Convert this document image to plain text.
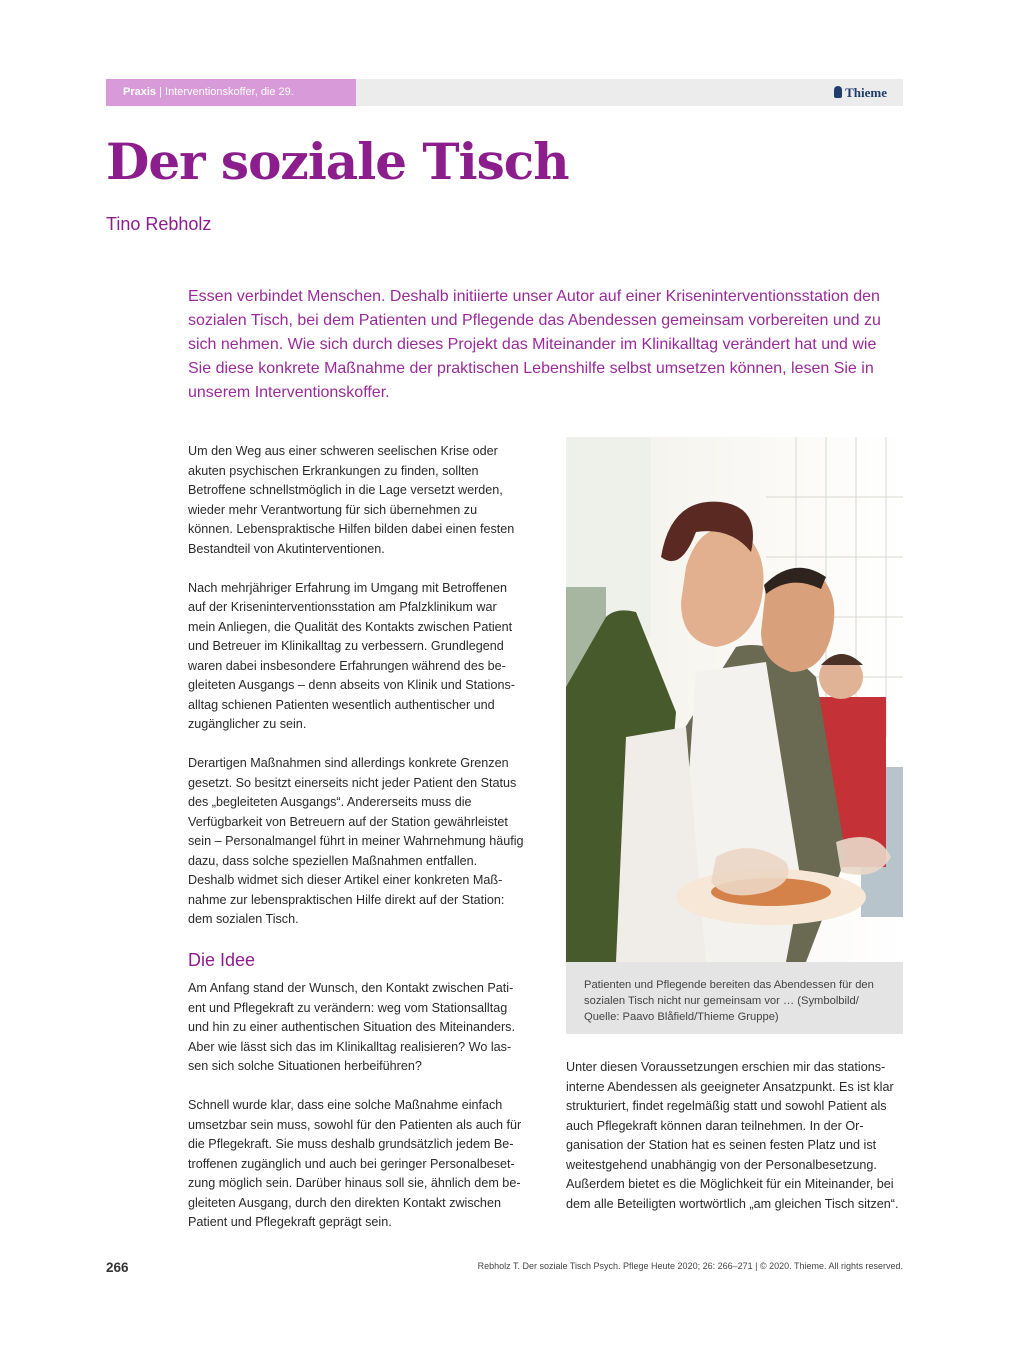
Praxis | Interventionskoffer, die 29.	Thieme
Der soziale Tisch
Tino Rebholz

Essen verbindet Menschen. Deshalb initiierte unser Autor auf einer Kriseninterventionsstation den sozialen Tisch, bei dem Patienten und Pflegende das Abendessen gemeinsam vorbereiten und zu sich nehmen. Wie sich durch dieses Projekt das Miteinander im Klinikalltag verändert hat und wie Sie diese konkrete Maßnahme der praktischen Lebenshilfe selbst umsetzen können, lesen Sie in unserem Interventionskoffer.

Um den Weg aus einer schweren seelischen Krise oder akuten psychischen Erkrankungen zu finden, sollten Betroffene schnellstmöglich in die Lage versetzt werden, wieder mehr Verantwortung für sich übernehmen zu können. Lebenspraktische Hilfen bilden dabei einen festen Bestandteil von Akutinterventionen.

Nach mehrjähriger Erfahrung im Umgang mit Betroffenen auf der Kriseninterventionsstation am Pfalzklinikum war mein Anliegen, die Qualität des Kontakts zwischen Patient und Betreuer im Klinikalltag zu verbessern. Grundlegend waren dabei insbesondere Erfahrungen während des begleiteten Ausgangs – denn abseits von Klinik und Stationsalltag schienen Patienten wesentlich authentischer und zugänglicher zu sein.

Derartigen Maßnahmen sind allerdings konkrete Grenzen gesetzt. So besitzt einerseits nicht jeder Patient den Status des „begleiteten Ausgangs“. Andererseits muss die Verfügbarkeit von Betreuern auf der Station gewährleistet sein – Personalmangel führt in meiner Wahrnehmung häufig dazu, dass solche speziellen Maßnahmen entfallen. Deshalb widmet sich dieser Artikel einer konkreten Maßnahme zur lebenspraktischen Hilfe direkt auf der Station: dem sozialen Tisch.

Die Idee

Am Anfang stand der Wunsch, den Kontakt zwischen Patient und Pflegekraft zu verändern: weg vom Stationsalltag und hin zu einer authentischen Situation des Miteinanders. Aber wie lässt sich das im Klinikalltag realisieren? Wo lassen sich solche Situationen herbeiführen?

Schnell wurde klar, dass eine solche Maßnahme einfach umsetzbar sein muss, sowohl für den Patienten als auch für die Pflegekraft. Sie muss deshalb grundsätzlich jedem Betroffenen zugänglich und auch bei geringer Personalbesetzung möglich sein. Darüber hinaus soll sie, ähnlich dem begleiteten Ausgang, durch den direkten Kontakt zwischen Patient und Pflegekraft geprägt sein.

Patienten und Pflegende bereiten das Abendessen für den sozialen Tisch nicht nur gemeinsam vor … (Symbolbild/ Quelle: Paavo Blåfield/Thieme Gruppe)

Unter diesen Voraussetzungen erschien mir das stationsinterne Abendessen als geeigneter Ansatzpunkt. Es ist klar strukturiert, findet regelmäßig statt und sowohl Patient als auch Pflegekraft können daran teilnehmen. In der Organisation der Station hat es seinen festen Platz und ist weitestgehend unabhängig von der Personalbesetzung. Außerdem bietet es die Möglichkeit für ein Miteinander, bei dem alle Beteiligten wortwörtlich „am gleichen Tisch sitzen“.

266	Rebholz T. Der soziale Tisch Psych. Pflege Heute 2020; 26: 266–271 | © 2020. Thieme. All rights reserved.
